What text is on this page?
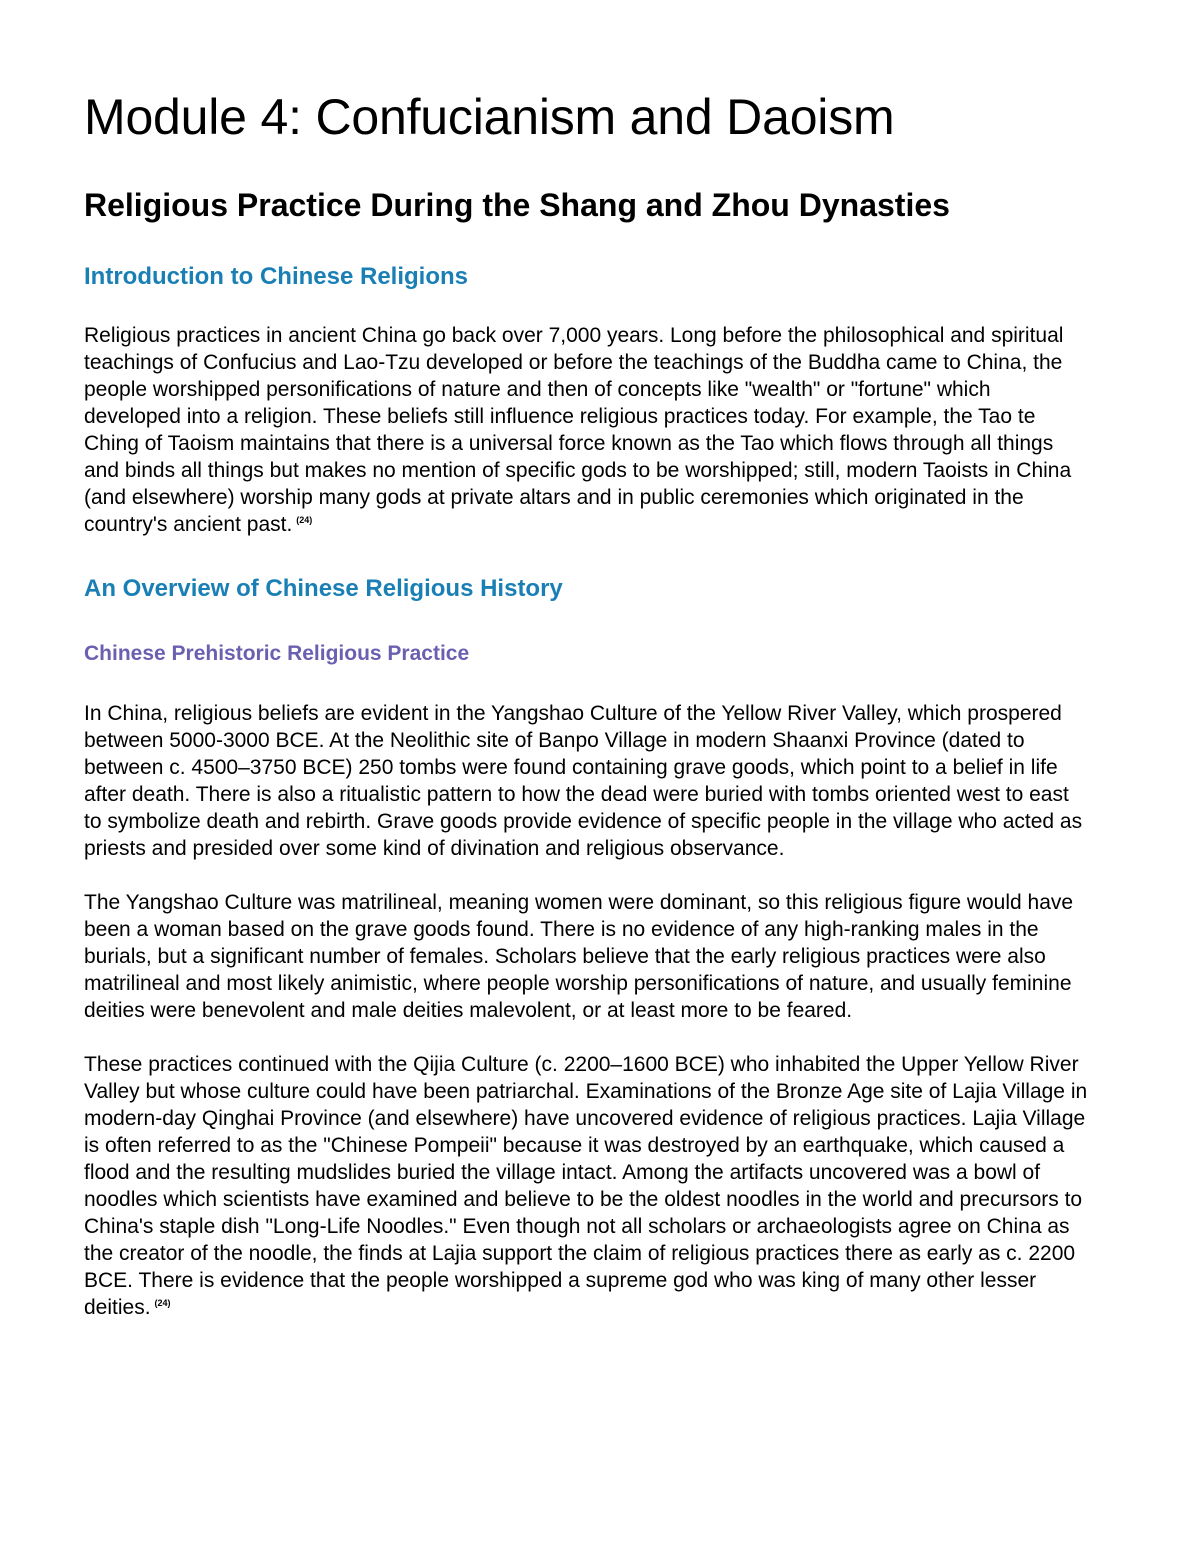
Module 4: Confucianism and Daoism
Religious Practice During the Shang and Zhou Dynasties
Introduction to Chinese Religions

Religious practices in ancient China go back over 7,000 years. Long before the philosophical and spiritual teachings of Confucius and Lao-Tzu developed or before the teachings of the Buddha came to China, the people worshipped personifications of nature and then of concepts like "wealth" or "fortune" which developed into a religion. These beliefs still influence religious practices today. For example, the Tao te Ching of Taoism maintains that there is a universal force known as the Tao which flows through all things and binds all things but makes no mention of specific gods to be worshipped; still, modern Taoists in China (and elsewhere) worship many gods at private altars and in public ceremonies which originated in the country's ancient past. $^{(24)}$

An Overview of Chinese Religious History
Chinese Prehistoric Religious Practice

In China, religious beliefs are evident in the Yangshao Culture of the Yellow River Valley, which prospered between 5000-3000 BCE. At the Neolithic site of Banpo Village in modern Shaanxi Province (dated to between c. 4500–3750 BCE) 250 tombs were found containing grave goods, which point to a belief in life after death. There is also a ritualistic pattern to how the dead were buried with tombs oriented west to east to symbolize death and rebirth. Grave goods provide evidence of specific people in the village who acted as priests and presided over some kind of divination and religious observance.

The Yangshao Culture was matrilineal, meaning women were dominant, so this religious figure would have been a woman based on the grave goods found. There is no evidence of any high-ranking males in the burials, but a significant number of females. Scholars believe that the early religious practices were also matrilineal and most likely animistic, where people worship personifications of nature, and usually feminine deities were benevolent and male deities malevolent, or at least more to be feared.

These practices continued with the Qijia Culture (c. 2200–1600 BCE) who inhabited the Upper Yellow River Valley but whose culture could have been patriarchal. Examinations of the Bronze Age site of Lajia Village in modern-day Qinghai Province (and elsewhere) have uncovered evidence of religious practices. Lajia Village is often referred to as the "Chinese Pompeii" because it was destroyed by an earthquake, which caused a flood and the resulting mudslides buried the village intact. Among the artifacts uncovered was a bowl of noodles which scientists have examined and believe to be the oldest noodles in the world and precursors to China's staple dish "Long-Life Noodles." Even though not all scholars or archaeologists agree on China as the creator of the noodle, the finds at Lajia support the claim of religious practices there as early as c. 2200 BCE. There is evidence that the people worshipped a supreme god who was king of many other lesser deities. $^{(24)}$
